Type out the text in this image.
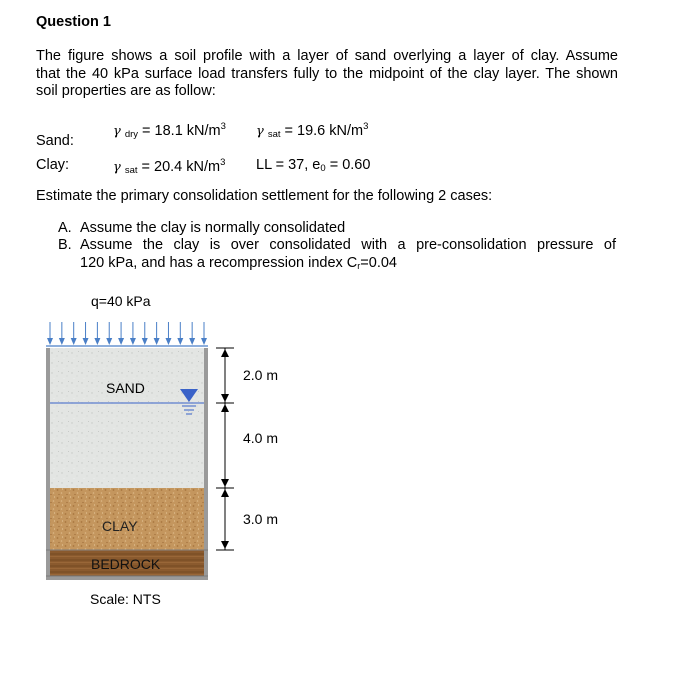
Question 1
The figure shows a soil profile with a layer of sand overlying a layer of clay. Assume
that the 40 kPa surface load transfers fully to the midpoint of the clay layer. The shown
soil properties are as follow:
γ $_{dry}$ = 18.1 $kN/m^3$ γ $_{sat}$ = 19.6 $kN/m^3$
Sand:
Clay:	γ $_{sat}$ = 20.4 $kN/m^3$ LL = 37, $e_0 = 0.60$
Estimate the primary consolidation settlement for the following 2 cases:
A. Assume the clay is normally consolidated
B. Assume the clay is over consolidated with a pre-consolidation pressure of
120 kPa, and has a recompression index $C_r=0.04$
q=40 kPa
SAND
CLAY
BEDROCK
2.0 m
4.0 m
3.0 m
Scale: NTS
